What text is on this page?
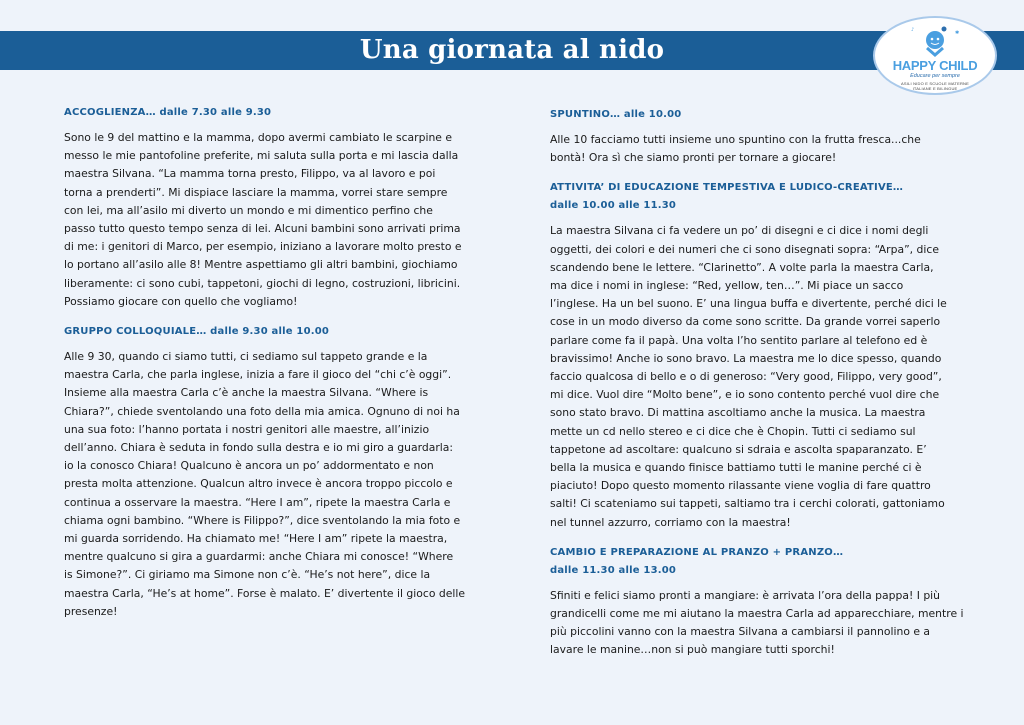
Una giornata al nido
♪	✱
HAPPY CHILD
Educare per sempre
ASILI NIDO E SCUOLE MATERNE
ITALIANE E BILINGUE
ACCOGLIENZA… dalle 7.30 alle 9.30
Sono le 9 del mattino e la mamma, dopo avermi cambiato le scarpine e
messo le mie pantofoline preferite, mi saluta sulla porta e mi lascia dalla
maestra Silvana. “La mamma torna presto, Filippo, va al lavoro e poi
torna a prenderti”. Mi dispiace lasciare la mamma, vorrei stare sempre
con lei, ma all’asilo mi diverto un mondo e mi dimentico perfino che
passo tutto questo tempo senza di lei. Alcuni bambini sono arrivati prima
di me: i genitori di Marco, per esempio, iniziano a lavorare molto presto e
lo portano all’asilo alle 8! Mentre aspettiamo gli altri bambini, giochiamo
liberamente: ci sono cubi, tappetoni, giochi di legno, costruzioni, libricini.
Possiamo giocare con quello che vogliamo!
GRUPPO COLLOQUIALE… dalle 9.30 alle 10.00
Alle 9 30, quando ci siamo tutti, ci sediamo sul tappeto grande e la
maestra Carla, che parla inglese, inizia a fare il gioco del “chi c’è oggi”.
Insieme alla maestra Carla c’è anche la maestra Silvana. “Where is
Chiara?”, chiede sventolando una foto della mia amica. Ognuno di noi ha
una sua foto: l’hanno portata i nostri genitori alle maestre, all’inizio
dell’anno. Chiara è seduta in fondo sulla destra e io mi giro a guardarla:
io la conosco Chiara! Qualcuno è ancora un po’ addormentato e non
presta molta attenzione. Qualcun altro invece è ancora troppo piccolo e
continua a osservare la maestra. “Here I am”, ripete la maestra Carla e
chiama ogni bambino. “Where is Filippo?”, dice sventolando la mia foto e
mi guarda sorridendo. Ha chiamato me! “Here I am” ripete la maestra,
mentre qualcuno si gira a guardarmi: anche Chiara mi conosce! “Where
is Simone?”. Ci giriamo ma Simone non c’è. “He’s not here”, dice la
maestra Carla, “He’s at home”. Forse è malato. E’ divertente il gioco delle
presenze!
SPUNTINO… alle 10.00
Alle 10 facciamo tutti insieme uno spuntino con la frutta fresca...che
bontà! Ora sì che siamo pronti per tornare a giocare!
ATTIVITA’ DI EDUCAZIONE TEMPESTIVA E LUDICO-CREATIVE…
dalle 10.00 alle 11.30
La maestra Silvana ci fa vedere un po’ di disegni e ci dice i nomi degli
oggetti, dei colori e dei numeri che ci sono disegnati sopra: “Arpa”, dice
scandendo bene le lettere. “Clarinetto”. A volte parla la maestra Carla,
ma dice i nomi in inglese: “Red, yellow, ten…”. Mi piace un sacco
l’inglese. Ha un bel suono. E’ una lingua buffa e divertente, perché dici le
cose in un modo diverso da come sono scritte. Da grande vorrei saperlo
parlare come fa il papà. Una volta l’ho sentito parlare al telefono ed è
bravissimo! Anche io sono bravo. La maestra me lo dice spesso, quando
faccio qualcosa di bello e o di generoso: “Very good, Filippo, very good”,
mi dice. Vuol dire “Molto bene”, e io sono contento perché vuol dire che
sono stato bravo. Di mattina ascoltiamo anche la musica. La maestra
mette un cd nello stereo e ci dice che è Chopin. Tutti ci sediamo sul
tappetone ad ascoltare: qualcuno si sdraia e ascolta spaparanzato. E’
bella la musica e quando finisce battiamo tutti le manine perché ci è
piaciuto! Dopo questo momento rilassante viene voglia di fare quattro
salti! Ci scateniamo sui tappeti, saltiamo tra i cerchi colorati, gattoniamo
nel tunnel azzurro, corriamo con la maestra!
CAMBIO E PREPARAZIONE AL PRANZO + PRANZO…
dalle 11.30 alle 13.00
Sfiniti e felici siamo pronti a mangiare: è arrivata l’ora della pappa! I più
grandicelli come me mi aiutano la maestra Carla ad apparecchiare, mentre i
più piccolini vanno con la maestra Silvana a cambiarsi il pannolino e a
lavare le manine…non si può mangiare tutti sporchi!
